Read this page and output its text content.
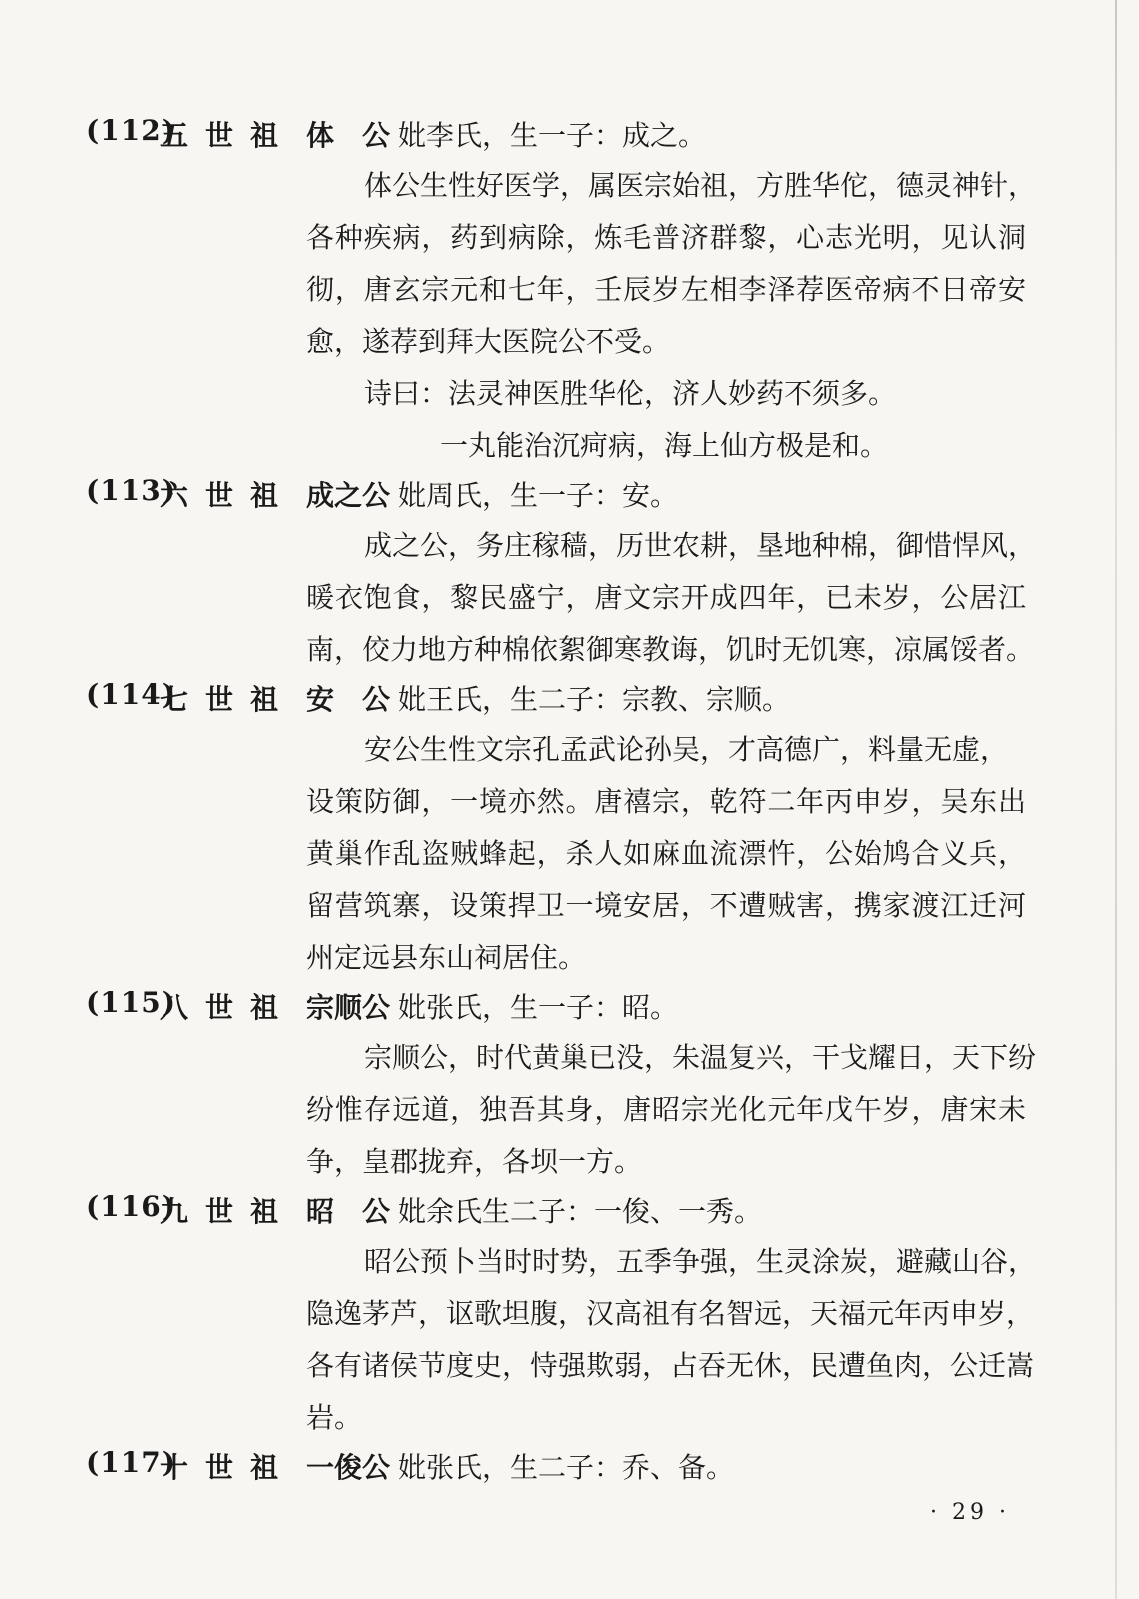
(112)
五世祖 体公 妣李氏，生一子：成之。
体公生性好医学，属医宗始祖，方胜华佗，德灵神针，
各种疾病，药到病除，炼毛普济群黎，心志光明，见认洞
彻，唐玄宗元和七年，壬辰岁左相李泽荐医帝病不日帝安
愈，遂荐到拜大医院公不受。
诗曰：法灵神医胜华伦，济人妙药不须多。
一丸能治沉疴病，海上仙方极是和。
(113)
六世祖 成之公 妣周氏，生一子：安。
成之公，务庄稼穑，历世农耕，垦地种棉，御惜悍风，
暖衣饱食，黎民盛宁，唐文宗开成四年，已未岁，公居江
南，佼力地方种棉依絮御寒教诲，饥时无饥寒，凉属馁者。
(114)
七世祖 安公 妣王氏，生二子：宗教、宗顺。
安公生性文宗孔孟武论孙吴，才高德广，料量无虚，
设策防御，一境亦然。唐禧宗，乾符二年丙申岁，吴东出
黄巢作乱盗贼蜂起，杀人如麻血流漂忤，公始鸠合义兵，
留营筑寨，设策捍卫一境安居，不遭贼害，携家渡江迁河
州定远县东山祠居住。
(115)
八世祖 宗顺公 妣张氏，生一子：昭。
宗顺公，时代黄巢已没，朱温复兴，干戈耀日，天下纷
纷惟存远道，独吾其身，唐昭宗光化元年戊午岁，唐宋未
争，皇郡拢弃，各坝一方。
(116)
九世祖 昭公 妣余氏生二子：一俊、一秀。
昭公预卜当时时势，五季争强，生灵涂炭，避藏山谷，
隐逸茅芦，讴歌坦腹，汉高祖有名智远，天福元年丙申岁，
各有诸侯节度史，恃强欺弱，占吞无休，民遭鱼肉，公迁嵩
岩。
(117)
十世祖 一俊公 妣张氏，生二子：乔、备。
· 29 ·
